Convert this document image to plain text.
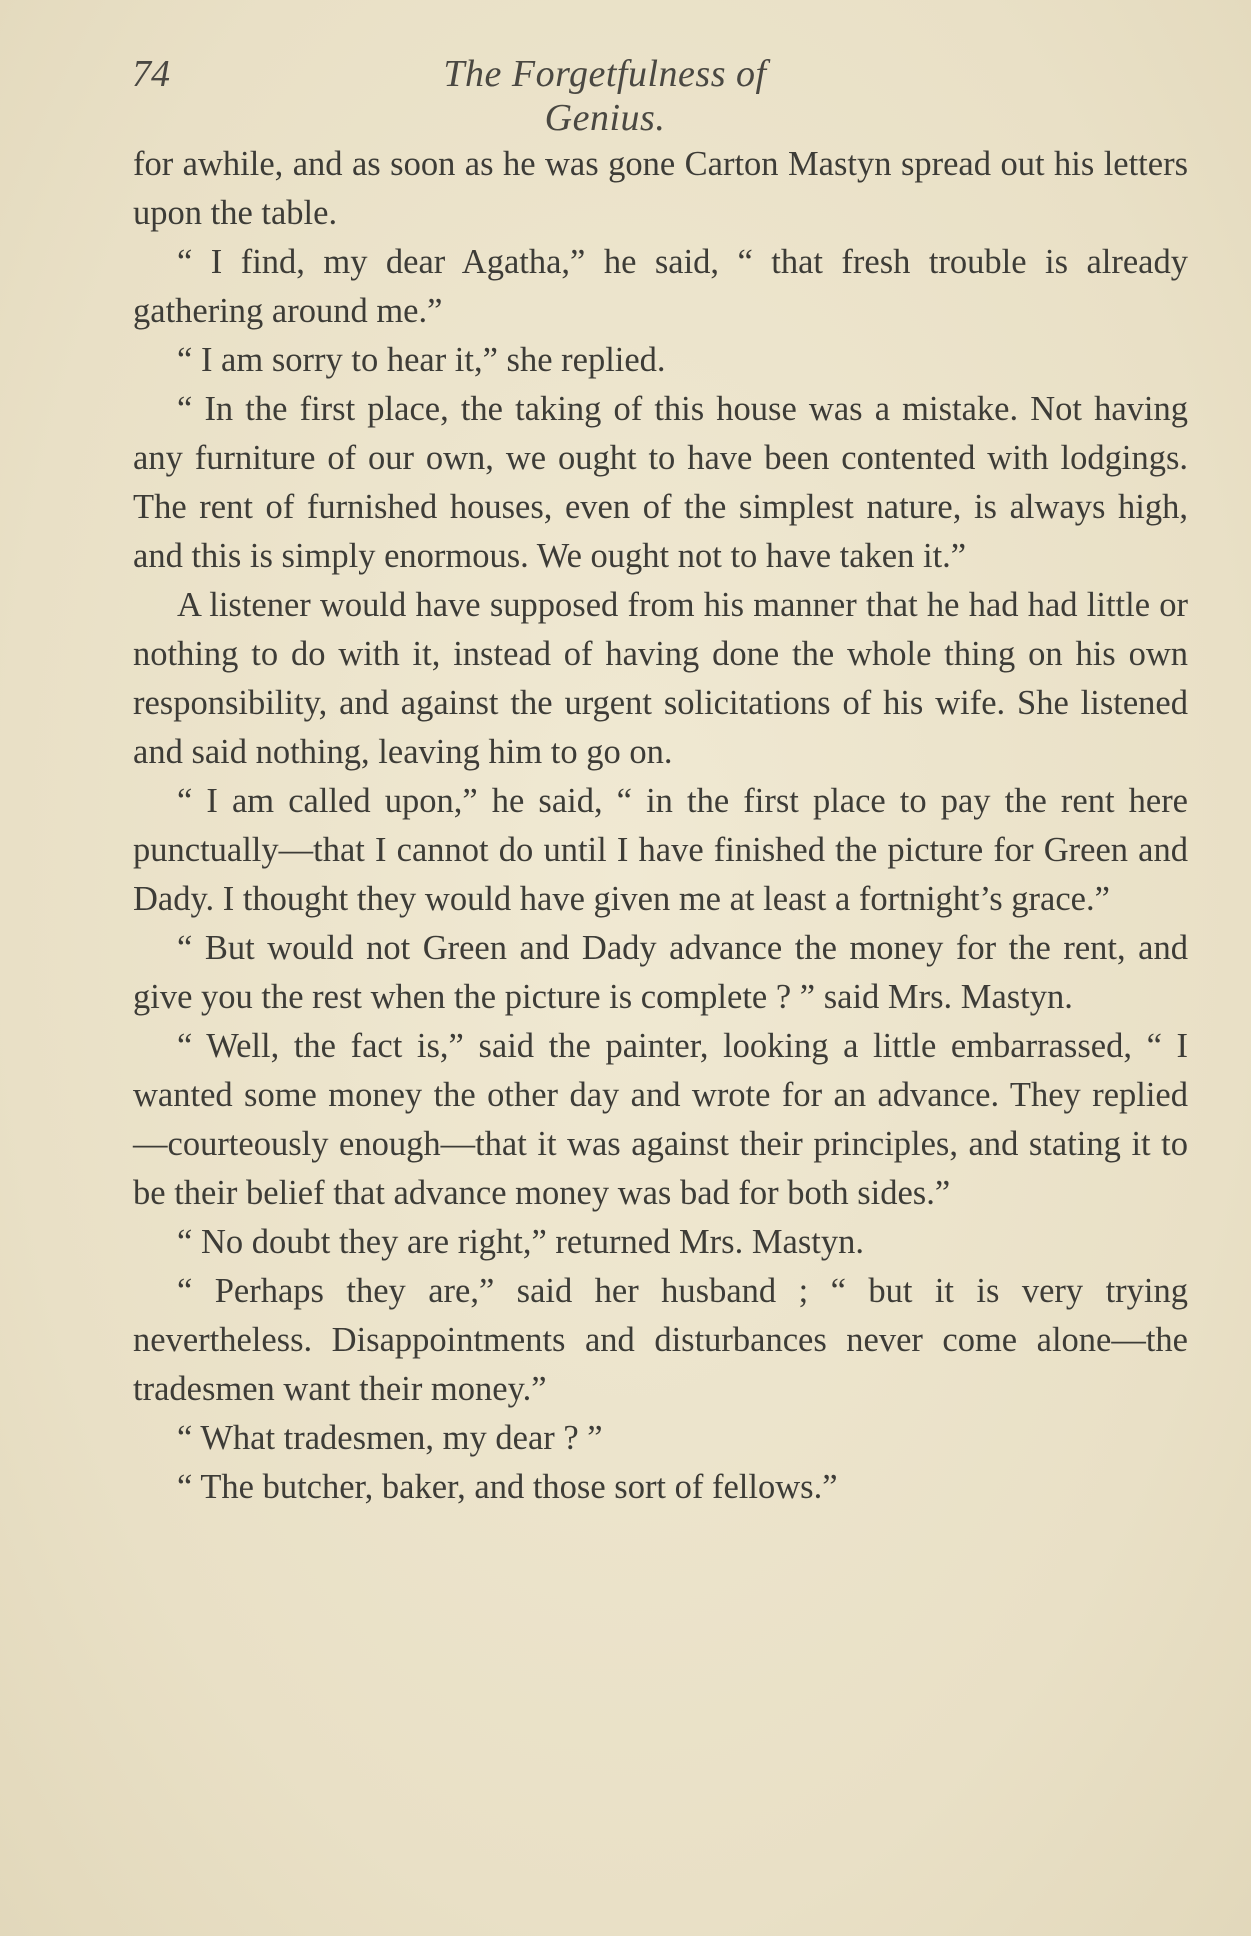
74	The Forgetfulness of Genius.

for awhile, and as soon as he was gone Carton Mastyn spread out his letters upon the table.

“ I find, my dear Agatha,” he said, “ that fresh trouble is already gathering around me.”

“ I am sorry to hear it,” she replied.

“ In the first place, the taking of this house was a mistake. Not having any furniture of our own, we ought to have been contented with lodgings. The rent of furnished houses, even of the simplest nature, is always high, and this is simply enormous. We ought not to have taken it.”

A listener would have supposed from his manner that he had had little or nothing to do with it, instead of having done the whole thing on his own responsibility, and against the urgent solicitations of his wife. She listened and said nothing, leaving him to go on.

“ I am called upon,” he said, “ in the first place to pay the rent here punctually—that I cannot do until I have finished the picture for Green and Dady. I thought they would have given me at least a fortnight’s grace.”

“ But would not Green and Dady advance the money for the rent, and give you the rest when the picture is complete ? ” said Mrs. Mastyn.

“ Well, the fact is,” said the painter, looking a little embarrassed, “ I wanted some money the other day and wrote for an advance. They replied—courteously enough—that it was against their principles, and stating it to be their belief that advance money was bad for both sides.”

“ No doubt they are right,” returned Mrs. Mastyn.

“ Perhaps they are,” said her husband ; “ but it is very trying nevertheless. Disappointments and disturbances never come alone—the tradesmen want their money.”

“ What tradesmen, my dear ? ”

“ The butcher, baker, and those sort of fellows.”
